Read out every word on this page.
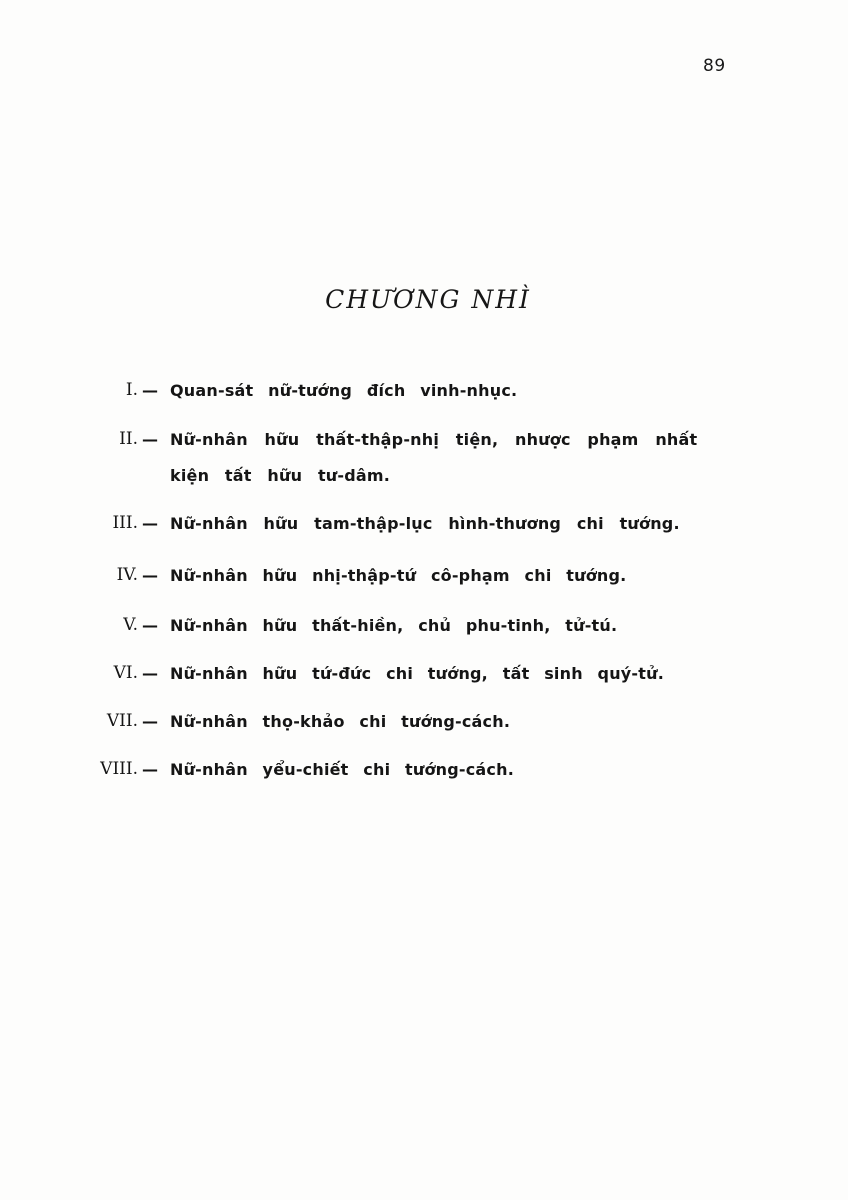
89
CHƯƠNG NHÌ
I. — Quan-sát nữ-tướng đích vinh-nhục.
II. — Nữ-nhân hữu thất-thập-nhị tiện, nhược phạm nhất
kiện tất hữu tư-dâm.
III. — Nữ-nhân hữu tam-thập-lục hình-thương chi tướng.
IV. — Nữ-nhân hữu nhị-thập-tứ cô-phạm chi tướng.
V. — Nữ-nhân hữu thất-hiền, chủ phu-tinh, tử-tú.
VI. — Nữ-nhân hữu tứ-đức chi tướng, tất sinh quý-tử.
VII. — Nữ-nhân thọ-khảo chi tướng-cách.
VIII. — Nữ-nhân yểu-chiết chi tướng-cách.
